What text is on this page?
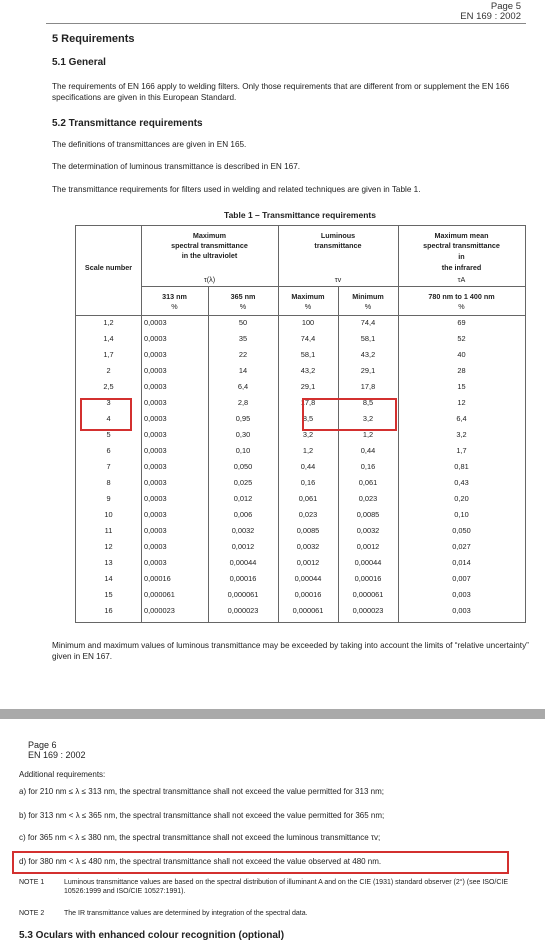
Page 5
EN 169 : 2002
5 Requirements
5.1 General
The requirements of EN 166 apply to welding filters. Only those requirements that are different from or supplement the EN 166 specifications are given in this European Standard.
5.2 Transmittance requirements
The definitions of transmittances are given in EN 165.
The determination of luminous transmittance is described in EN 167.
The transmittance requirements for filters used in welding and related techniques are given in Table 1.
Table 1 – Transmittance requirements
Scale number
Maximum
spectral transmittance
in the ultraviolet
τ(λ)
Luminous
transmittance
τv
Maximum mean
spectral transmittance
in
the infrared
τA
313 nm
%
365 nm
%
Maximum
%
Minimum
%
780 nm to 1 400 nm
%
1,2	0,0003	50	100	74,4	69
1,4	0,0003	35	74,4	58,1	52
1,7	0,0003	22	58,1	43,2	40
2	0,0003	14	43,2	29,1	28
2,5	0,0003	6,4	29,1	17,8	15
3	0,0003	2,8	17,8	8,5	12
4	0,0003	0,95	8,5	3,2	6,4
5	0,0003	0,30	3,2	1,2	3,2
6	0,0003	0,10	1,2	0,44	1,7
7	0,0003	0,050	0,44	0,16	0,81
8	0,0003	0,025	0,16	0,061	0,43
9	0,0003	0,012	0,061	0,023	0,20
10	0,0003	0,006	0,023	0,0085	0,10
11	0,0003	0,0032	0,0085	0,0032	0,050
12	0,0003	0,0012	0,0032	0,0012	0,027
13	0,0003	0,00044	0,0012	0,00044	0,014
14	0,00016	0,00016	0,00044	0,00016	0,007
15	0,000061	0,000061	0,00016	0,000061	0,003
16	0,000023	0,000023	0,000061	0,000023	0,003
Minimum and maximum values of luminous transmittance may be exceeded by taking into account the limits of “relative uncertainty” given in EN 167.
Page 6
EN 169 : 2002
Additional requirements:
a) for 210 nm ≤ λ ≤ 313 nm, the spectral transmittance shall not exceed the value permitted for 313 nm;
b) for 313 nm < λ ≤ 365 nm, the spectral transmittance shall not exceed the value permitted for 365 nm;
c) for 365 nm < λ ≤ 380 nm, the spectral transmittance shall not exceed the luminous transmittance τv;
d) for 380 nm < λ ≤ 480 nm, the spectral transmittance shall not exceed the value observed at 480 nm.
NOTE 1	Luminous transmittance values are based on the spectral distribution of illuminant A and on the CIE (1931) standard observer (2°) (see ISO/CIE 10526:1999 and ISO/CIE 10527:1991).
NOTE 2	The IR transmittance values are determined by integration of the spectral data.
5.3 Oculars with enhanced colour recognition (optional)
